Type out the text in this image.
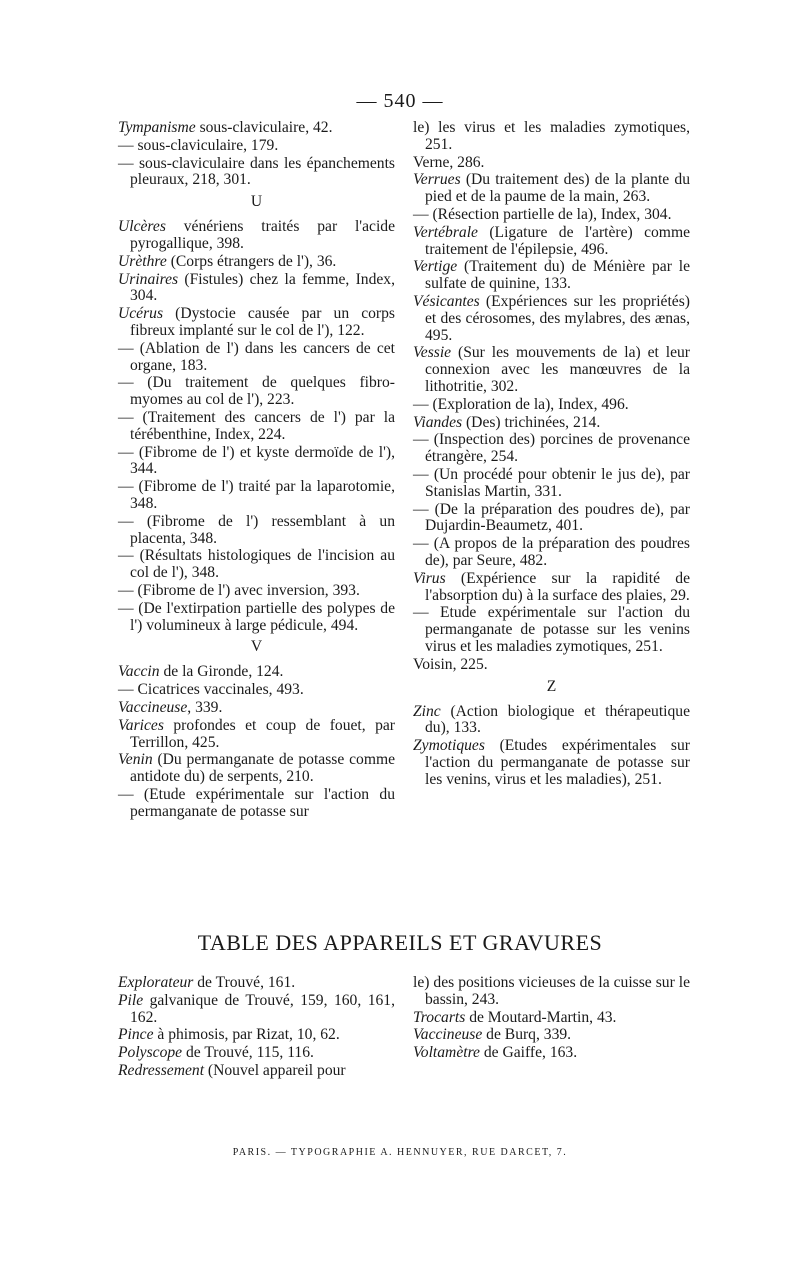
— 540 —
Tympanisme sous-claviculaire, 42.
— sous-claviculaire, 179.
— sous-claviculaire dans les épanchements pleuraux, 218, 301.
U
Ulcères vénériens traités par l'acide pyrogallique, 398.
Urèthre (Corps étrangers de l'), 36.
Urinaires (Fistules) chez la femme, Index, 304.
Ucérus (Dystocie causée par un corps fibreux implanté sur le col de l'), 122.
— (Ablation de l') dans les cancers de cet organe, 183.
— (Du traitement de quelques fibro-myomes au col de l'), 223.
— (Traitement des cancers de l') par la térébenthine, Index, 224.
— (Fibrome de l') et kyste dermoïde de l'), 344.
— (Fibrome de l') traité par la laparotomie, 348.
— (Fibrome de l') ressemblant à un placenta, 348.
— (Résultats histologiques de l'incision au col de l'), 348.
— (Fibrome de l') avec inversion, 393.
— (De l'extirpation partielle des polypes de l') volumineux à large pédicule, 494.
V
Vaccin de la Gironde, 124.
— Cicatrices vaccinales, 493.
Vaccineuse, 339.
Varices profondes et coup de fouet, par Terrillon, 425.
Venin (Du permanganate de potasse comme antidote du) de serpents, 210.
— (Etude expérimentale sur l'action du permanganate de potasse sur
le) les virus et les maladies zymotiques, 251.
Verne, 286.
Verrues (Du traitement des) de la plante du pied et de la paume de la main, 263.
— (Résection partielle de la), Index, 304.
Vertébrale (Ligature de l'artère) comme traitement de l'épilepsie, 496.
Vertige (Traitement du) de Ménière par le sulfate de quinine, 133.
Vésicantes (Expériences sur les propriétés) et des cérosomes, des mylabres, des ænas, 495.
Vessie (Sur les mouvements de la) et leur connexion avec les manœuvres de la lithotritie, 302.
— (Exploration de la), Index, 496.
Viandes (Des) trichinées, 214.
— (Inspection des) porcines de provenance étrangère, 254.
— (Un procédé pour obtenir le jus de), par Stanislas Martin, 331.
— (De la préparation des poudres de), par Dujardin-Beaumetz, 401.
— (A propos de la préparation des poudres de), par Seure, 482.
Virus (Expérience sur la rapidité de l'absorption du) à la surface des plaies, 29.
— Etude expérimentale sur l'action du permanganate de potasse sur les venins virus et les maladies zymotiques, 251.
Voisin, 225.
Z
Zinc (Action biologique et thérapeutique du), 133.
Zymotiques (Etudes expérimentales sur l'action du permanganate de potasse sur les venins, virus et les maladies), 251.
TABLE DES APPAREILS ET GRAVURES
Explorateur de Trouvé, 161.
Pile galvanique de Trouvé, 159, 160, 161, 162.
Pince à phimosis, par Rizat, 10, 62.
Polyscope de Trouvé, 115, 116.
Redressement (Nouvel appareil pour
le) des positions vicieuses de la cuisse sur le bassin, 243.
Trocarts de Moutard-Martin, 43.
Vaccineuse de Burq, 339.
Voltamètre de Gaiffe, 163.
PARIS. — TYPOGRAPHIE A. HENNUYER, RUE DARCET, 7.
